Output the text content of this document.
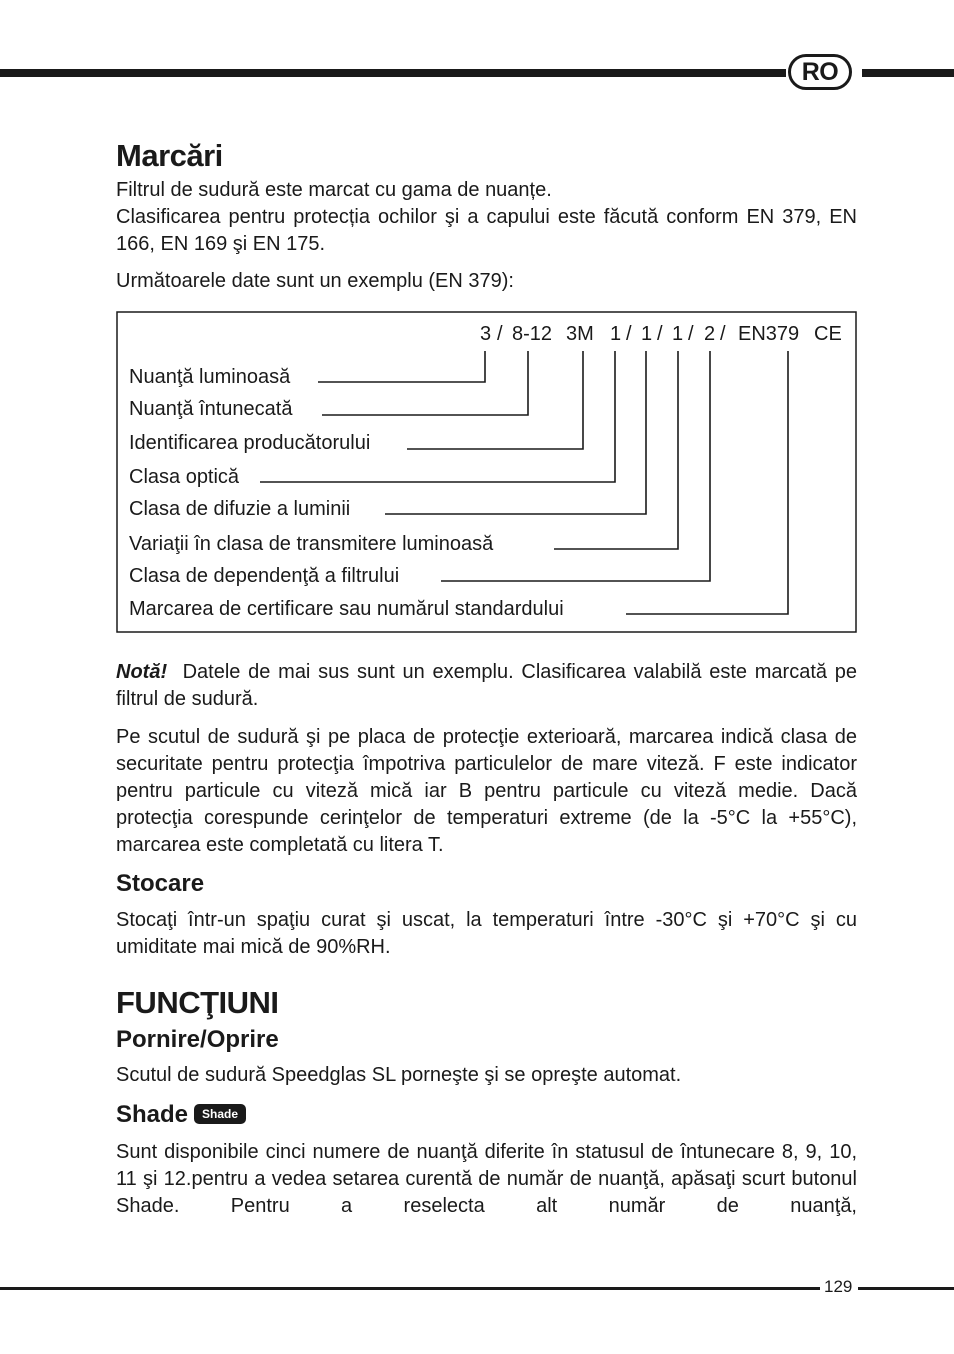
RO
Marcări

Filtrul de sudură este marcat cu gama de nuanțe.

Clasificarea pentru protecția ochilor şi a capului este făcută conform EN 379, EN 166, EN 169 şi EN 175.

Următoarele date sunt un exemplu (EN 379):

3 / 8-12 3M 1 / 1 / 1 / 2 / EN379 CE
Nuanţă luminoasă
Nuanţă întunecată
Identificarea producătorului
Clasa optică
Clasa de difuzie a luminii
Variaţii în clasa de transmitere luminoasă
Clasa de dependenţă a filtrului
Marcarea de certificare sau numărul standardului

Notă! Datele de mai sus sunt un exemplu. Clasificarea valabilă este marcată pe filtrul de sudură.

Pe scutul de sudură şi pe placa de protecţie exterioară, marcarea indică clasa de securitate pentru protecţia împotriva particulelor de mare viteză. F este indicator pentru particule cu viteză mică iar B pentru particule cu viteză medie. Dacă protecţia corespunde cerinţelor de temperaturi extreme (de la -5°C la +55°C), marcarea este completată cu litera T.

Stocare

Stocaţi într-un spaţiu curat şi uscat, la temperaturi între -30°C şi +70°C şi cu umiditate mai mică de 90%RH.

FUNCŢIUNI
Pornire/Oprire

Scutul de sudură Speedglas SL porneşte şi se opreşte automat.

Shade Shade

Sunt disponibile cinci numere de nuanţă diferite în statusul de întunecare 8, 9, 10, 11 şi 12.pentru a vedea setarea curentă de număr de nuanţă, apăsaţi scurt butonul Shade. Pentru a reselecta alt număr de nuanţă,

129
